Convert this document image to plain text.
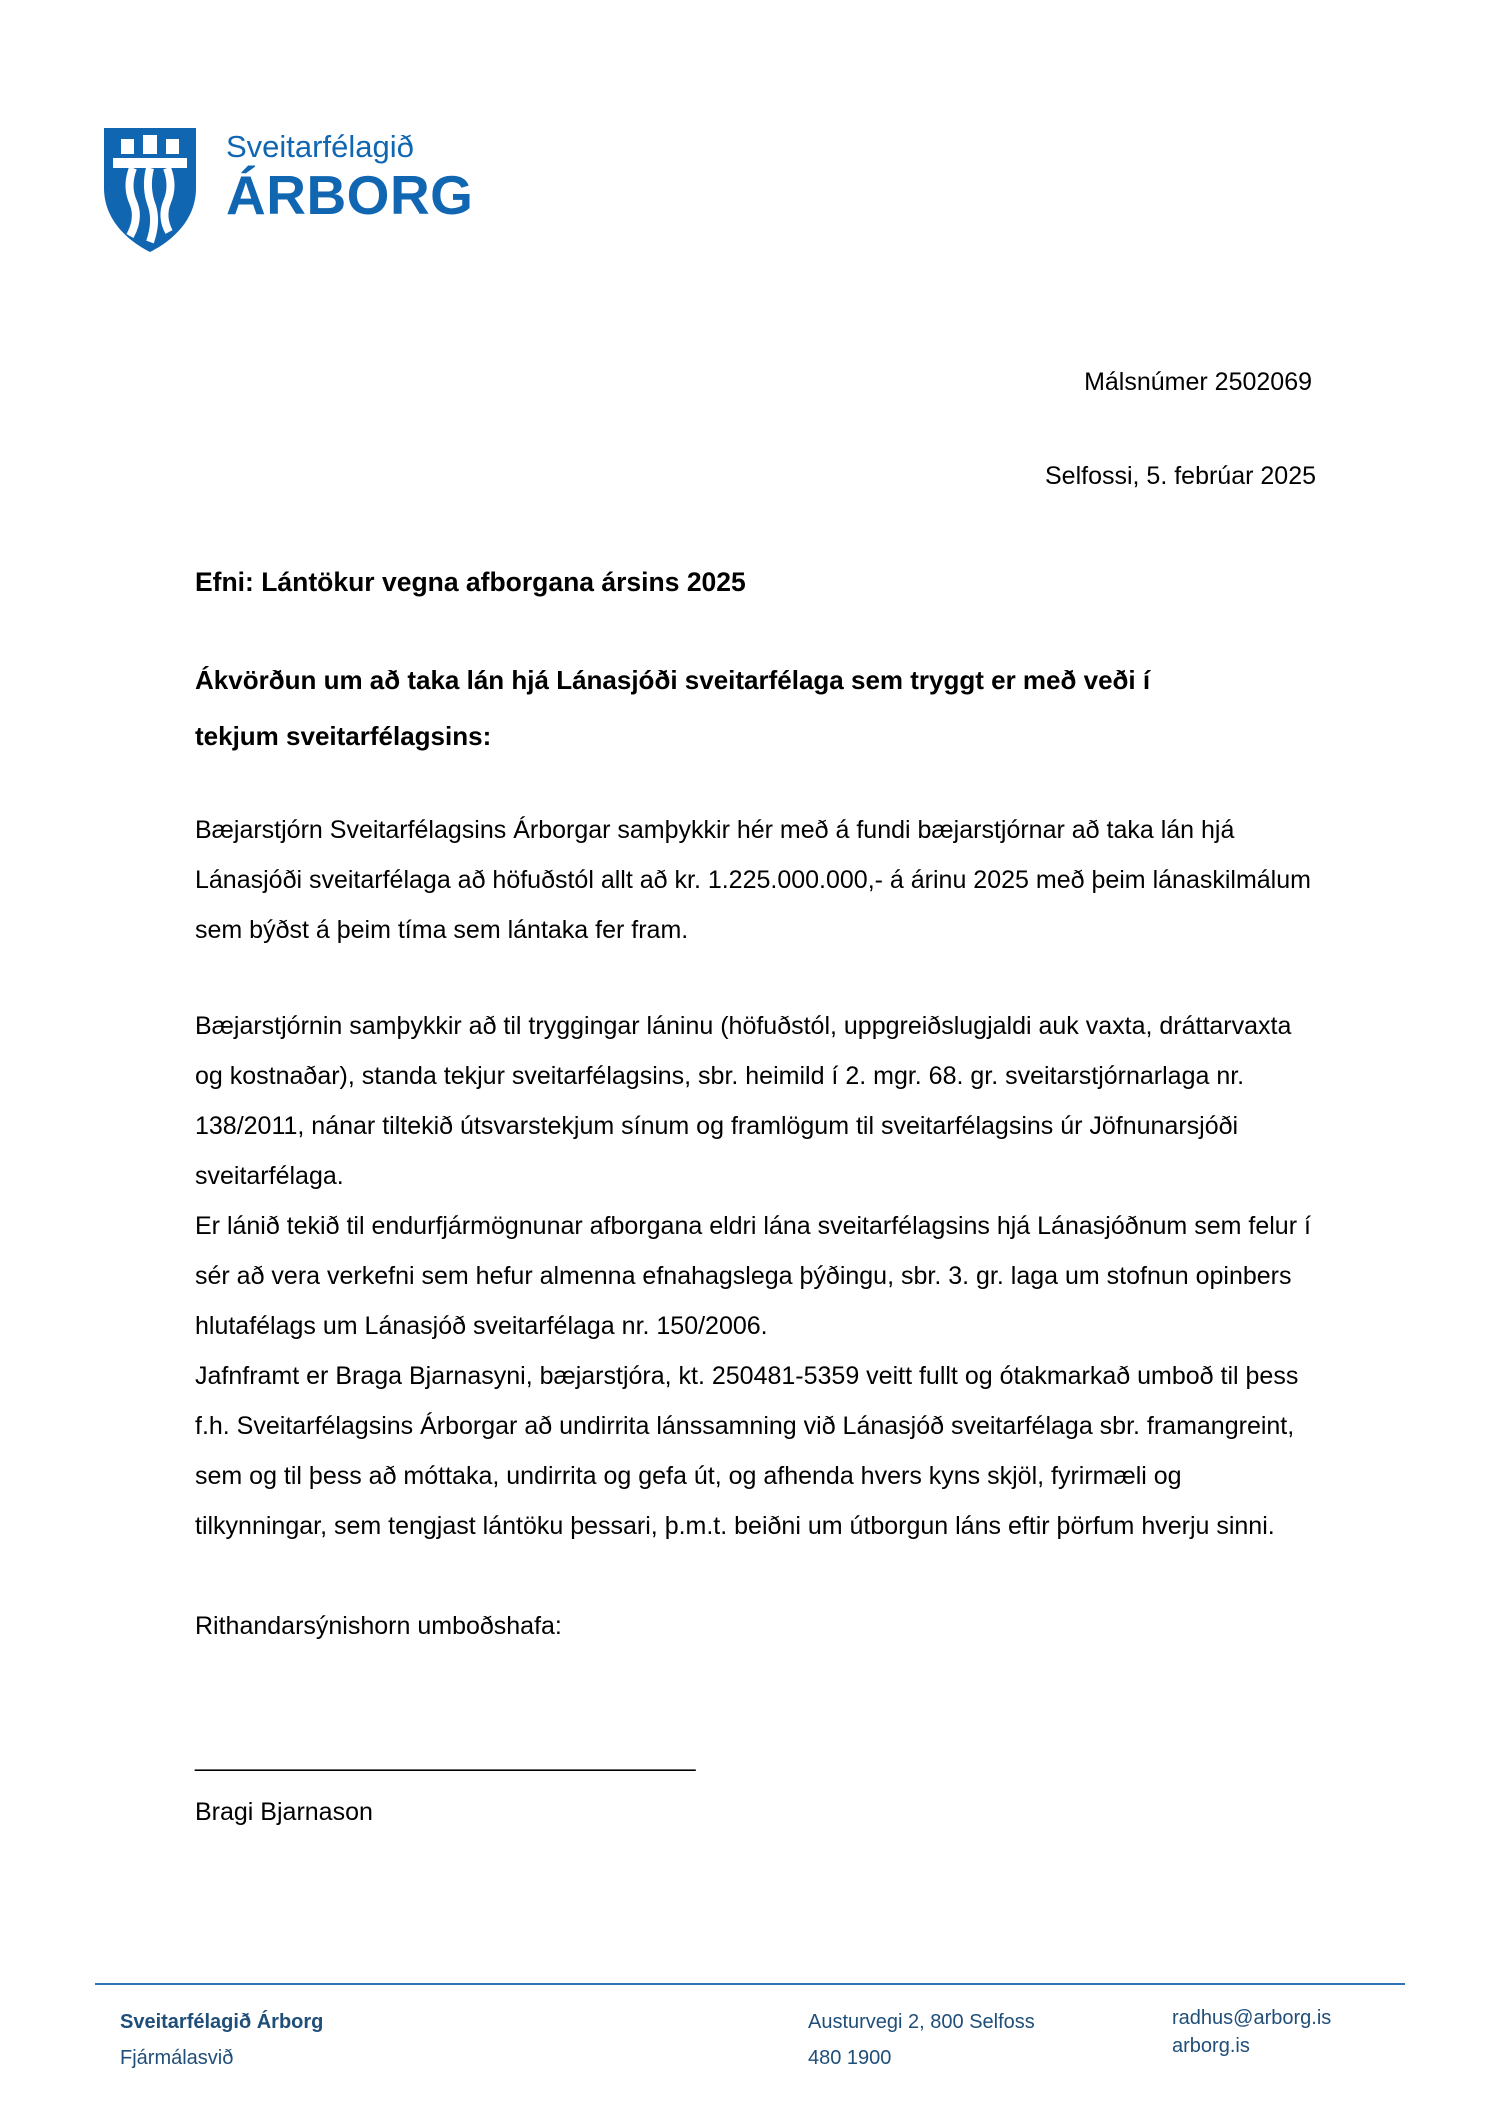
Sveitarfélagið
ÁRBORG
Málsnúmer 2502069
Selfossi, 5. febrúar 2025
Efni: Lántökur vegna afborgana ársins 2025
Ákvörðun um að taka lán hjá Lánasjóði sveitarfélaga sem tryggt er með veði í tekjum sveitarfélagsins:

Bæjarstjórn Sveitarfélagsins Árborgar samþykkir hér með á fundi bæjarstjórnar að taka lán hjá Lánasjóði sveitarfélaga að höfuðstól allt að kr. 1.225.000.000,- á árinu 2025 með þeim lánaskilmálum sem býðst á þeim tíma sem lántaka fer fram.

Bæjarstjórnin samþykkir að til tryggingar láninu (höfuðstól, uppgreiðslugjaldi auk vaxta, dráttarvaxta og kostnaðar), standa tekjur sveitarfélagsins, sbr. heimild í 2. mgr. 68. gr. sveitarstjórnarlaga nr. 138/2011, nánar tiltekið útsvarstekjum sínum og framlögum til sveitarfélagsins úr Jöfnunarsjóði sveitarfélaga.

Er lánið tekið til endurfjármögnunar afborgana eldri lána sveitarfélagsins hjá Lánasjóðnum sem felur í sér að vera verkefni sem hefur almenna efnahagslega þýðingu, sbr. 3. gr. laga um stofnun opinbers hlutafélags um Lánasjóð sveitarfélaga nr. 150/2006.

Jafnframt er Braga Bjarnasyni, bæjarstjóra, kt. 250481-5359 veitt fullt og ótakmarkað umboð til þess f.h. Sveitarfélagsins Árborgar að undirrita lánssamning við Lánasjóð sveitarfélaga sbr. framangreint, sem og til þess að móttaka, undirrita og gefa út, og afhenda hvers kyns skjöl, fyrirmæli og tilkynningar, sem tengjast lántöku þessari, þ.m.t. beiðni um útborgun láns eftir þörfum hverju sinni.

Rithandarsýnishorn umboðshafa:
____________________________________
Bragi Bjarnason
Sveitarfélagið Árborg
Fjármálasvið
Austurvegi 2, 800 Selfoss
480 1900
radhus@arborg.is
arborg.is
